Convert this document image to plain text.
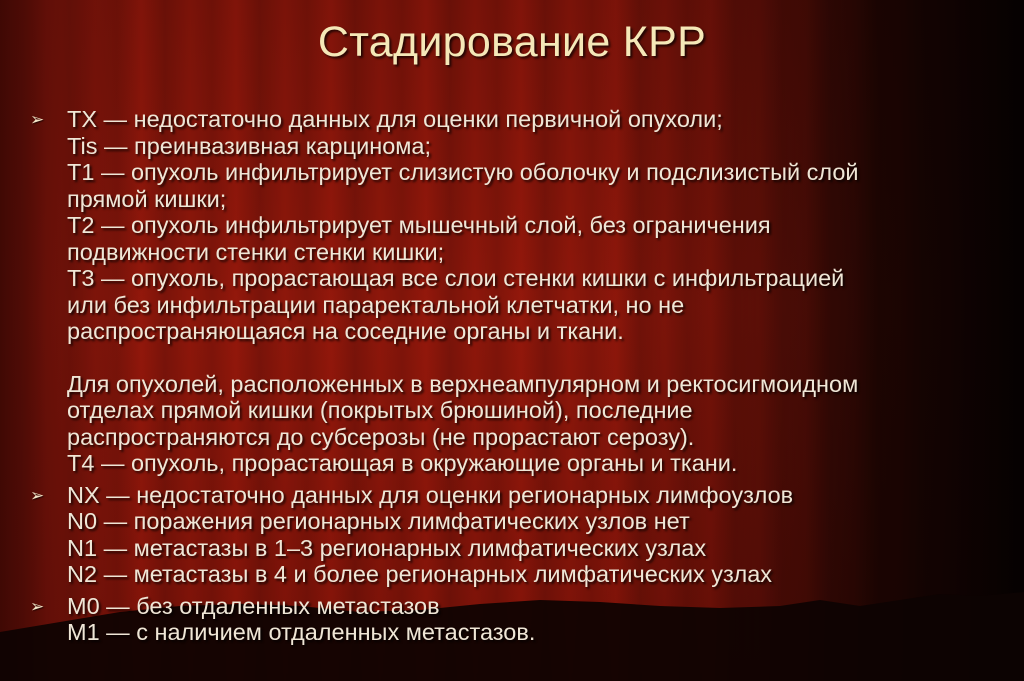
Стадирование КРР
➢ TX — недостаточно данных для оценки первичной опухоли;
Tis — преинвазивная карцинома;
T1 — опухоль инфильтрирует слизистую оболочку и подслизистый слой
прямой кишки;
T2 — опухоль инфильтрирует мышечный слой, без ограничения
подвижности стенки стенки кишки;
T3 — опухоль, прорастающая все слои стенки кишки с инфильтрацией
или без инфильтрации параректальной клетчатки, но не
распространяющаяся на соседние органы и ткани.
Для опухолей, расположенных в верхнеампулярном и ректосигмоидном
отделах прямой кишки (покрытых брюшиной), последние
распространяются до субсерозы (не прорастают серозу).
T4 — опухоль, прорастающая в окружающие органы и ткани.
➢ NX — недостаточно данных для оценки регионарных лимфоузлов
N0 — поражения регионарных лимфатических узлов нет
N1 — метастазы в 1–3 регионарных лимфатических узлах
N2 — метастазы в 4 и более регионарных лимфатических узлах
➢ M0 — без отдаленных метастазов
M1 — с наличием отдаленных метастазов.
